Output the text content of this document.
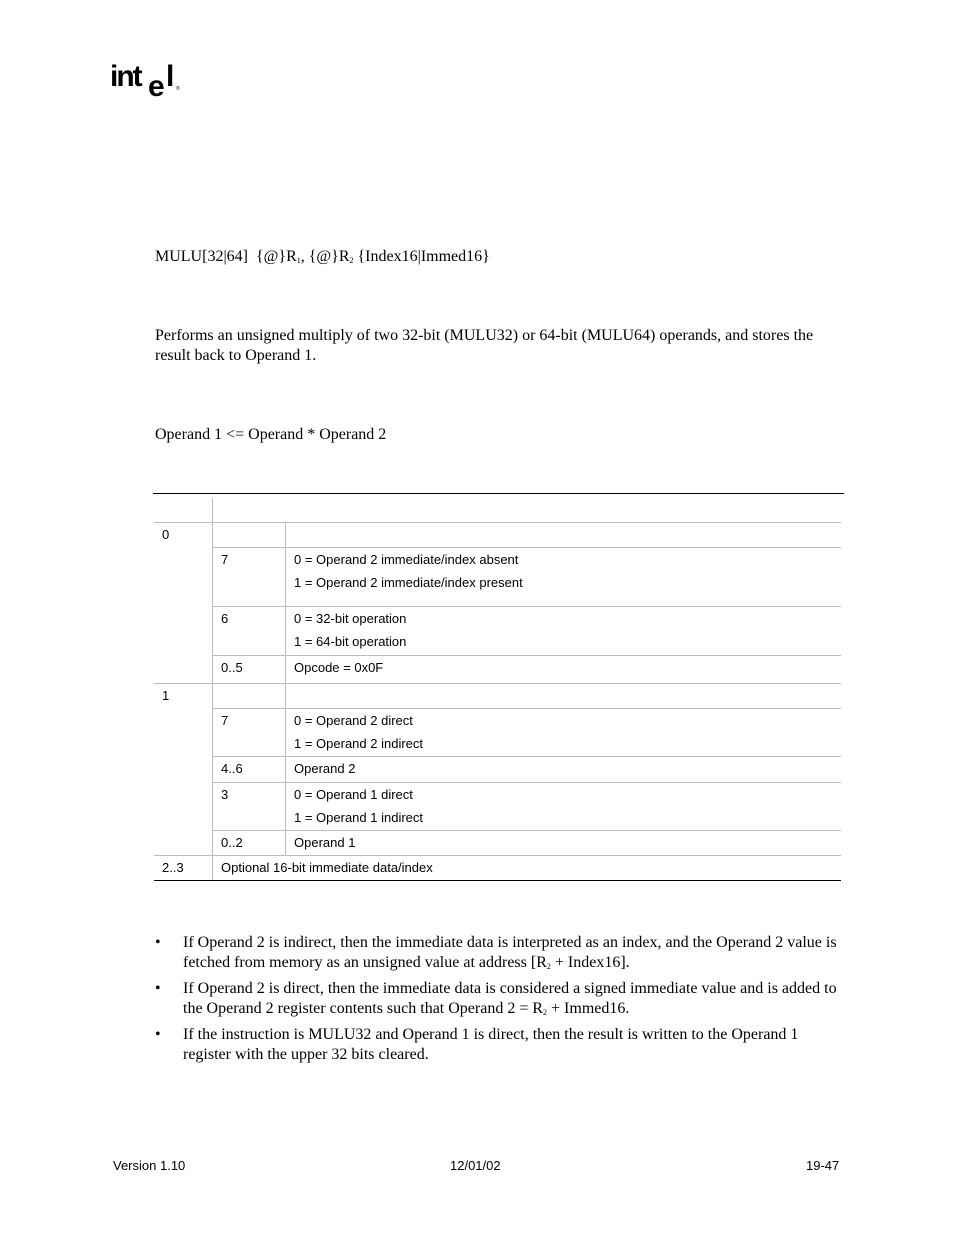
int e l ®
MULU[32|64] $\{@\}R_1$, $\{@\}R_2$ {Index16|Immed16}
Performs an unsigned multiply of two 32-bit (MULU32) or 64-bit (MULU64) operands, and stores the result back to Operand 1.
Operand 1 <= Operand * Operand 2
0
7	0 = Operand 2 immediate/index absent
1 = Operand 2 immediate/index present
6	0 = 32-bit operation
1 = 64-bit operation
0..5	Opcode = 0x0F
1
7	0 = Operand 2 direct
1 = Operand 2 indirect
4..6	Operand 2
3	0 = Operand 1 direct
1 = Operand 1 indirect
0..2	Operand 1
2..3	Optional 16-bit immediate data/index
• If Operand 2 is indirect, then the immediate data is interpreted as an index, and the Operand 2 value is fetched from memory as an unsigned value at address [$R_2$ + Index16].
• If Operand 2 is direct, then the immediate data is considered a signed immediate value and is added to the Operand 2 register contents such that Operand $2 = R_2$ + Immed16.
• If the instruction is MULU32 and Operand 1 is direct, then the result is written to the Operand 1 register with the upper 32 bits cleared.
Version 1.10	12/01/02	19-47
